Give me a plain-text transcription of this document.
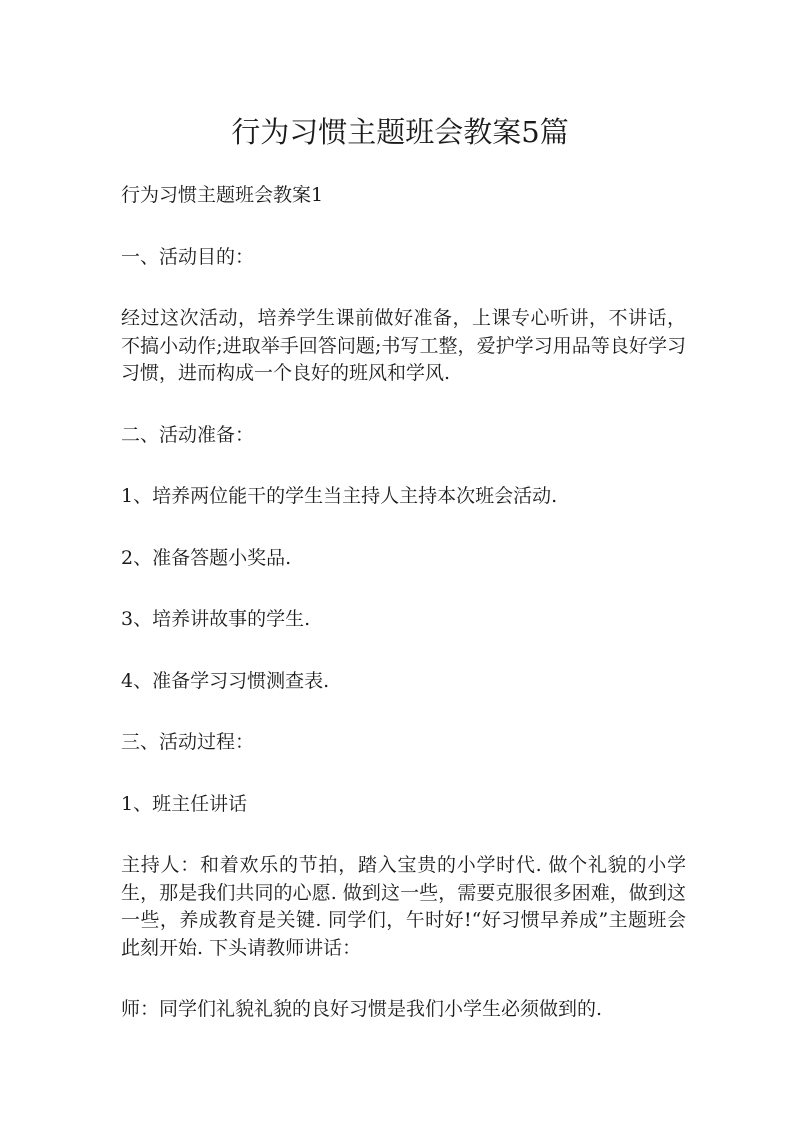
行为习惯主题班会教案5篇

行为习惯主题班会教案1

一、活动目的：

经过这次活动，培养学生课前做好准备，上课专心听讲，不讲话，不搞小动作;进取举手回答问题;书写工整，爱护学习用品等良好学习习惯，进而构成一个良好的班风和学风.

二、活动准备：

1、培养两位能干的学生当主持人主持本次班会活动.

2、准备答题小奖品.

3、培养讲故事的学生.

4、准备学习习惯测查表.

三、活动过程：

1、班主任讲话

主持人：和着欢乐的节拍，踏入宝贵的小学时代. 做个礼貌的小学生，那是我们共同的心愿. 做到这一些，需要克服很多困难，做到这一些，养成教育是关键. 同学们，午时好!“好习惯早养成”主题班会此刻开始. 下头请教师讲话：

师：同学们礼貌礼貌的良好习惯是我们小学生必须做到的.
